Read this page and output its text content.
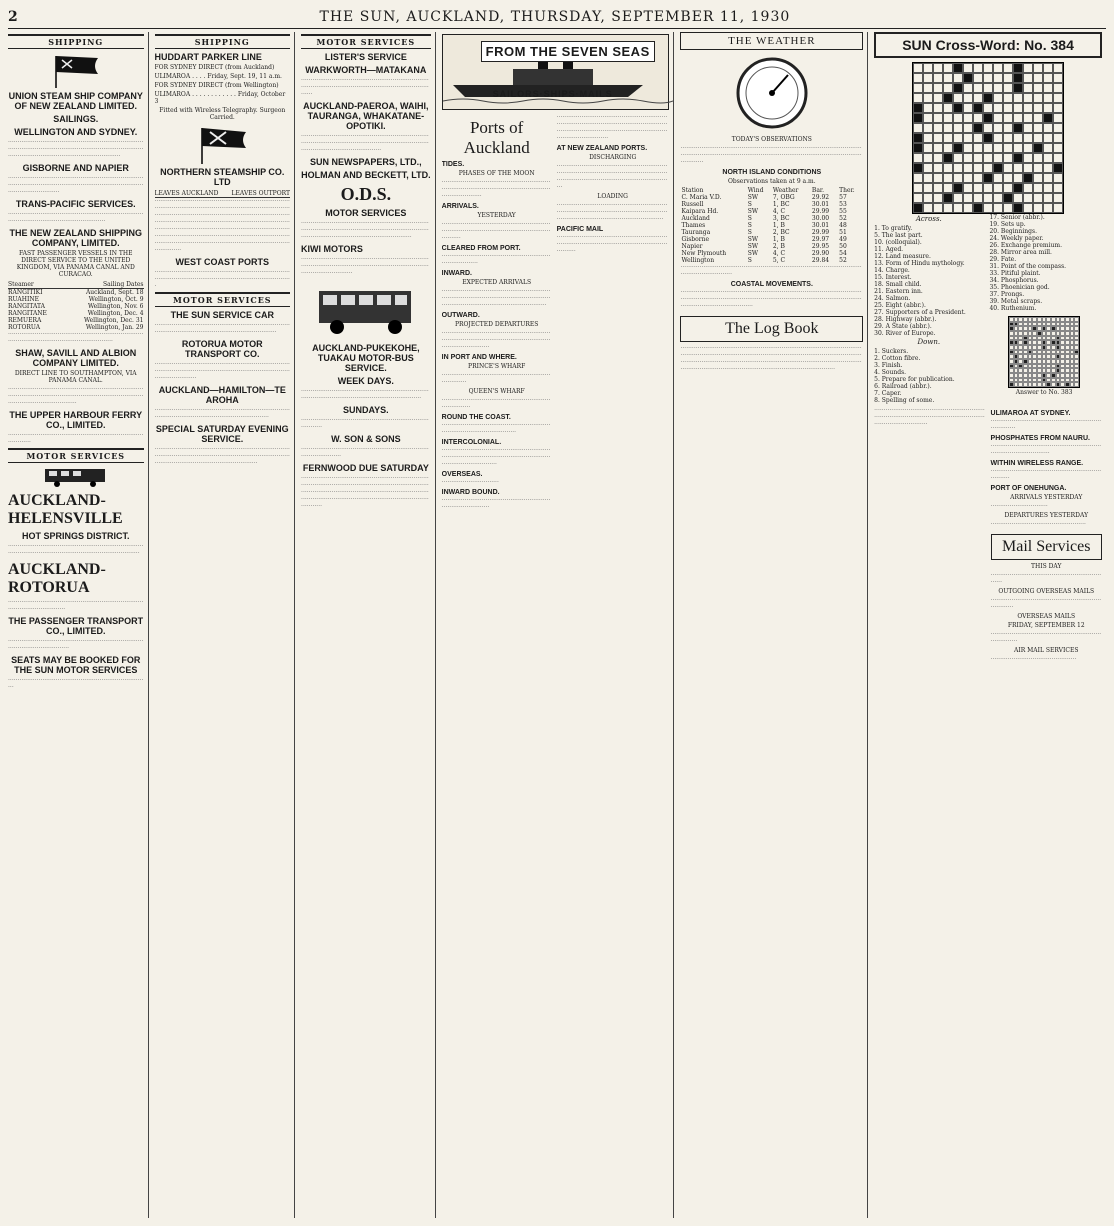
2	THE SUN, AUCKLAND, THURSDAY, SEPTEMBER 11, 1930
SHIPPING
UNION STEAM SHIP COMPANY OF NEW ZEALAND LIMITED.
SAILINGS.
WELLINGTON AND SYDNEY.
·········································································································································································································
GISBORNE AND NAPIER
·········································································································································································
TRANS-PACIFIC SERVICES.
··························································································································
THE NEW ZEALAND SHIPPING COMPANY, LIMITED.
FAST PASSENGER VESSELS IN THE DIRECT SERVICE TO THE UNITED KINGDOM, VIA PANAMA CANAL AND CURACAO.
Steamer	Sailing Dates
RANGITIKI	Auckland, Sept. 18
RUAHINE	Wellington, Oct. 9
RANGITATA	Wellington, Nov. 6
RANGITANE	Wellington, Dec. 4
REMUERA	Wellington, Dec. 31
ROTORUA	Wellington, Jan. 29
······························································································································
SHAW, SAVILL AND ALBION COMPANY LIMITED.
DIRECT LINE TO SOUTHAMPTON, VIA PANAMA CANAL.
··················································································································································································
THE UPPER HARBOUR FERRY CO., LIMITED.
···················································································
MOTOR SERVICES
AUCKLAND-HELENSVILLE
HOT SPRINGS DISTRICT.
············································································································································
AUCKLAND-ROTORUA
·····································································································
THE PASSENGER TRANSPORT CO., LIMITED.
·······································································································
SEATS MAY BE BOOKED FOR THE SUN MOTOR SERVICES
··········································································
SHIPPING
HUDDART PARKER LINE
FOR SYDNEY DIRECT (from Auckland)
ULIMAROA . . . . Friday, Sept. 19, 11 a.m.
FOR SYDNEY DIRECT (from Wellington)
ULIMAROA . . . . . . . . . . . . Friday, October 3
Fitted with Wireless Telegraphy. Surgeon Carried.
NORTHERN STEAMSHIP CO. LTD
LEAVES AUCKLAND LEAVES OUTPORT
·······························································································································································································································································································································································································································································································································
WEST COAST PORTS
···············································································································································
MOTOR SERVICES
THE SUN SERVICE CAR
·······································································································································
ROTORUA MOTOR TRANSPORT CO.
····································································································································································
AUCKLAND—HAMILTON—TE AROHA
···································································································································
SPECIAL SATURDAY EVENING SERVICE.
····································································································································································································
MOTOR SERVICES
LISTER'S SERVICE
WARKWORTH—MATAKANA
············································································································································
AUCKLAND-PAEROA, WAIHI, TAURANGA, WHAKATANE-OPOTIKI.
················································································································································································
SUN NEWSPAPERS, LTD.,
HOLMAN AND BECKETT, LTD.
O.D.S.
MOTOR SERVICES
································································································································································································
KIWI MOTORS
·································································································································································
AUCKLAND-PUKEKOHE, TUAKAU MOTOR-BUS SERVICE.
WEEK DAYS.
··································································································································
SUNDAYS.
··············································································
W. SON & SONS
························································································
FERNWOOD DUE SATURDAY
·······················································································································································································································································································
FROM THE SEVEN SEAS
SAILORS·SHIPS·MAILS
Ports of Auckland
TIDES.
PHASES OF THE MOON
·······································································································································
ARRIVALS.
YESTERDAY
····························································································································
CLEARED FROM PORT.
············································································
INWARD.
EXPECTED ARRIVALS
·········································································································································································
OUTWARD.
PROJECTED DEPARTURES
···········································································································································
IN PORT AND WHERE.
PRINCE'S WHARF
······································································
QUEEN'S WHARF
········································································
ROUND THE COAST.
································································································
INTERCOLONIAL.
···············································································································································
OVERSEAS.
······························
INWARD BOUND.
··················································································
·········································································································································································································
AT NEW ZEALAND PORTS.
DISCHARGING
·················································································································································································
LOADING
············································································································································································
PACIFIC MAIL
······························································································································
THE WEATHER
TODAY'S OBSERVATIONS
··········································································································································································································
NORTH ISLAND CONDITIONS
Observations taken at 9 a.m.
Station	Wind	Weather	Bar.	Ther.
C. Maria V.D.	SW	7, OBG	29.92	57
Russell	S	1, BC	30.01	53
Kaipara Hd.	SW	4, C	29.99	55
Auckland	S	3, BC	30.00	52
Thames	S	1, B	30.01	48
Tauranga	S	2, BC	29.99	51
Gisborne	SW	1, B	29.97	49
Napier	SW	2, B	29.95	50
New Plymouth	SW	4, C	29.90	54
Wellington	S	5, C	29.84	52
··························································································································
COASTAL MOVEMENTS.
····································································································································································································································
The Log Book
··············································································································································································································································································································································································
SUN Cross-Word: No. 384
Across.
1. To gratify.
5. The last part.
10. (colloquial).
11. Aged.
12. Land measure.
13. Form of Hindu mythology.
14. Charge.
15. Interest.
18. Small child.
21. Eastern inn.
24. Salmon.
25. Eight (abbr.).
27. Supporters of a President.
28. Highway (abbr.).
29. A State (abbr.).
30. River of Europe.
Down.
1. Suckers.
2. Cotton fibre.
3. Finish.
4. Sounds.
5. Prepare for publication.
6. Railroad (abbr.).
7. Caper.
8. Spelling of some.
17. Senior (abbr.).
19. Sets up.
20. Beginnings.
24. Weekly paper.
26. Exchange premium.
28. Mirror area mill.
29. Fate.
31. Point of the compass.
33. Pitiful plaint.
34. Phosphorus.
35. Phoenician god.
37. Prongs.
39. Metal scraps.
40. Ruthenium.
Answer to No. 383
················································································································································
ULIMAROA AT SYDNEY.
·······································································
PHOSPHATES FROM NAURU.
·························································································
WITHIN WIRELESS RANGE.
····································································
PORT OF ONEHUNGA.
ARRIVALS YESTERDAY
······························
DEPARTURES YESTERDAY
··················································
Mail Services
THIS DAY
································································
OUTGOING OVERSEAS MAILS
······································································
OVERSEAS MAILS
FRIDAY, SEPTEMBER 12
········································································
AIR MAIL SERVICES
·············································
